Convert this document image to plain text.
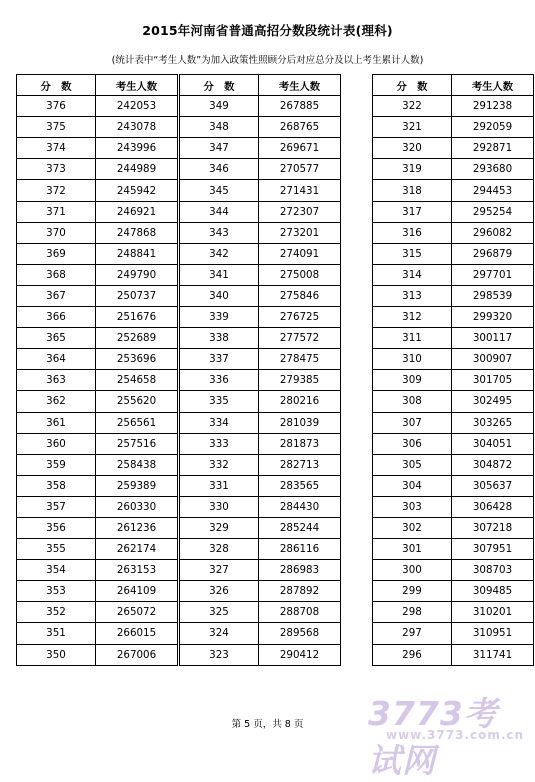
2015年河南省普通高招分数段统计表(理科)
(统计表中“考生人数”为加入政策性照顾分后对应总分及以上考生累计人数)
分　数	考生人数
376	242053
375	243078
374	243996
373	244989
372	245942
371	246921
370	247868
369	248841
368	249790
367	250737
366	251676
365	252689
364	253696
363	254658
362	255620
361	256561
360	257516
359	258438
358	259389
357	260330
356	261236
355	262174
354	263153
353	264109
352	265072
351	266015
350	267006
分　数	考生人数
349	267885
348	268765
347	269671
346	270577
345	271431
344	272307
343	273201
342	274091
341	275008
340	275846
339	276725
338	277572
337	278475
336	279385
335	280216
334	281039
333	281873
332	282713
331	283565
330	284430
329	285244
328	286116
327	286983
326	287892
325	288708
324	289568
323	290412
分　数	考生人数
322	291238
321	292059
320	292871
319	293680
318	294453
317	295254
316	296082
315	296879
314	297701
313	298539
312	299320
311	300117
310	300907
309	301705
308	302495
307	303265
306	304051
305	304872
304	305637
303	306428
302	307218
301	307951
300	308703
299	309485
298	310201
297	310951
296	311741
第 5 页，共 8 页	3773考试网
www.3773.com.cn
